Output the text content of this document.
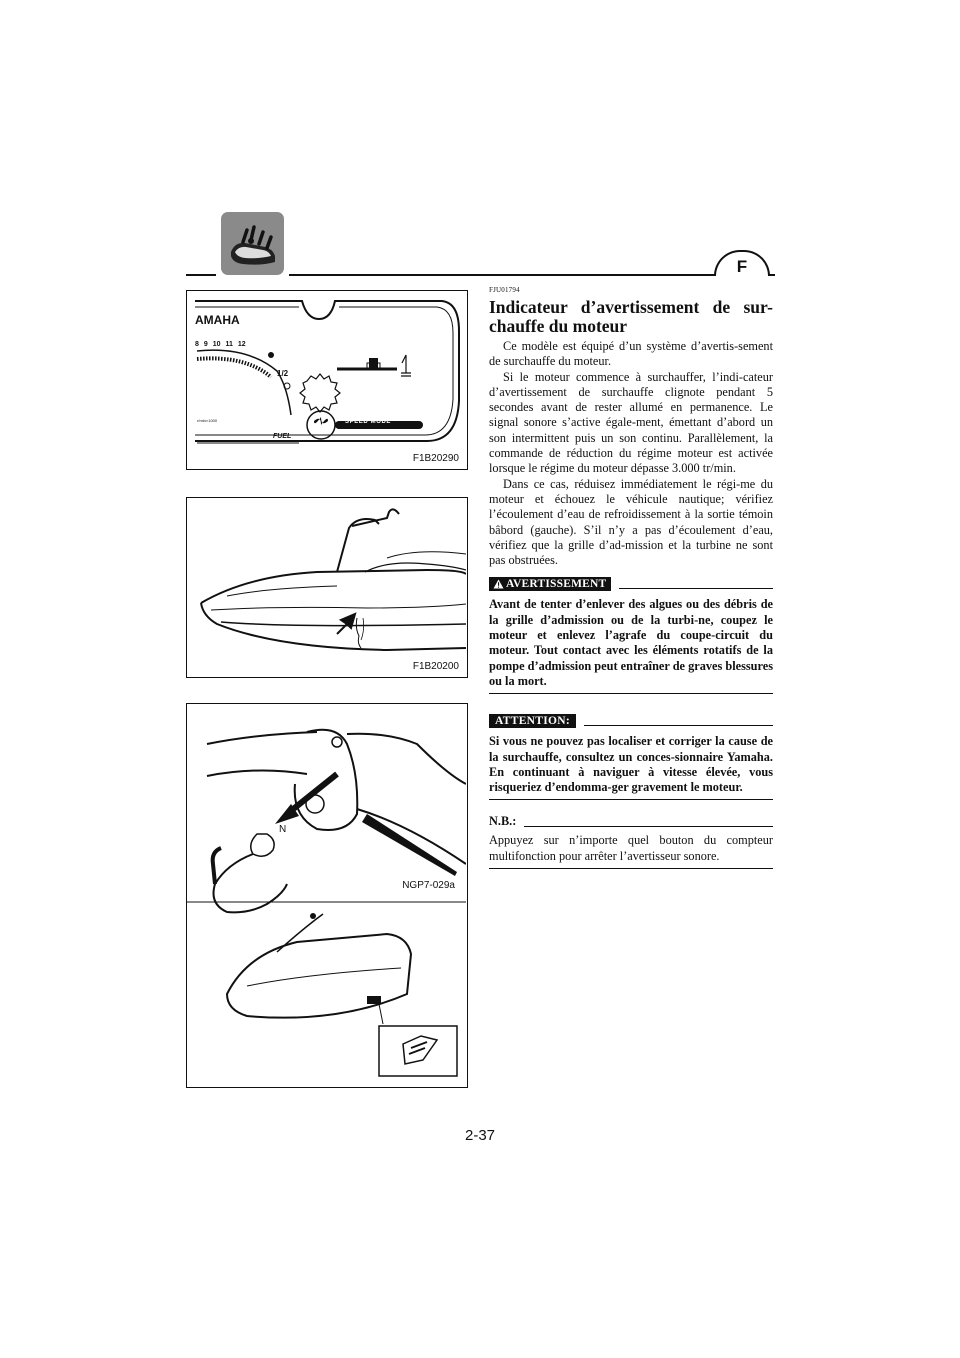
F
AMAHA
8 9 10 11 12
1/2
SPEED MODE
FUEL
r/min×1000
F1B20290
F1B20200
N
NGP7-029a
FJU01794
Indicateur d’avertissement de sur-chauffe du moteur

Ce modèle est équipé d’un système d’avertis-sement de surchauffe du moteur.

Si le moteur commence à surchauffer, l’indi-cateur d’avertissement de surchauffe clignote pendant 5 secondes avant de rester allumé en permanence. Le signal sonore s’active égale-ment, émettant d’abord un son intermittent puis un son continu. Parallèlement, la commande de réduction du régime moteur est activée lorsque le régime du moteur dépasse 3.000 tr/min.

Dans ce cas, réduisez immédiatement le régi-me du moteur et échouez le véhicule nautique; vérifiez l’écoulement d’eau de refroidissement à la sortie témoin bâbord (gauche). S’il n’y a pas d’écoulement d’eau, vérifiez que la grille d’ad-mission et la turbine ne sont pas obstruées.

AVERTISSEMENT

Avant de tenter d’enlever des algues ou des débris de la grille d’admission ou de la turbi-ne, coupez le moteur et enlevez l’agrafe du coupe-circuit du moteur. Tout contact avec les éléments rotatifs de la pompe d’admission peut entraîner de graves blessures ou la mort.

ATTENTION:

Si vous ne pouvez pas localiser et corriger la cause de la surchauffe, consultez un conces-sionnaire Yamaha. En continuant à naviguer à vitesse élevée, vous risqueriez d’endomma-ger gravement le moteur.

N.B.:

Appuyez sur n’importe quel bouton du compteur multifonction pour arrêter l’avertisseur sonore.

2-37
